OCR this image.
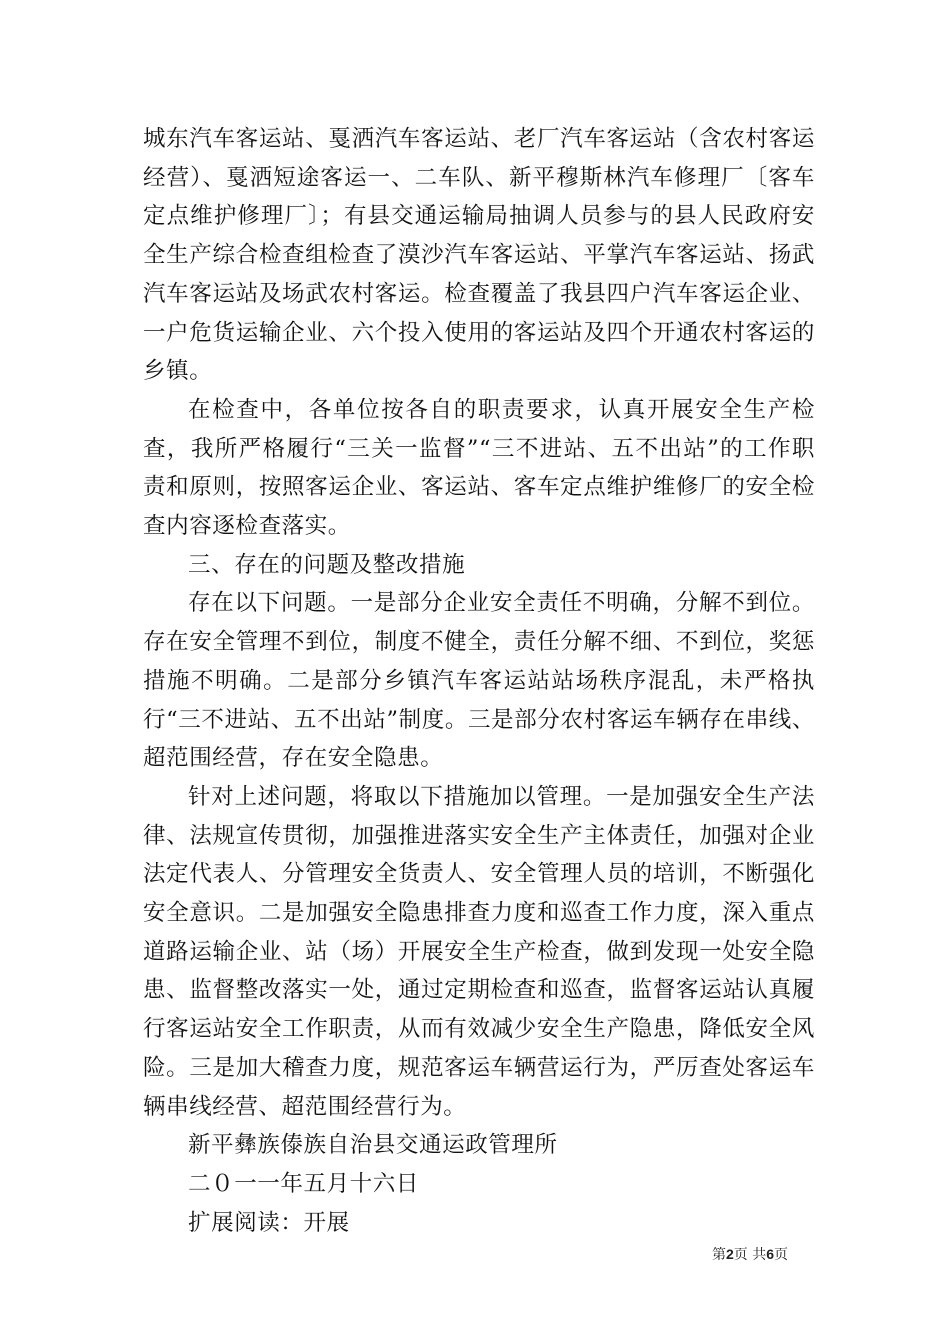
城东汽车客运站、戛洒汽车客运站、老厂汽车客运站（含农村客运经营）、戛洒短途客运一、二车队、新平穆斯林汽车修理厂〔客车定点维护修理厂〕；有县交通运输局抽调人员参与的县人民政府安全生产综合检查组检查了漠沙汽车客运站、平掌汽车客运站、扬武汽车客运站及场武农村客运。检查覆盖了我县四户汽车客运企业、一户危货运输企业、六个投入使用的客运站及四个开通农村客运的乡镇。

在检查中，各单位按各自的职责要求，认真开展安全生产检查，我所严格履行“三关一监督”“三不进站、五不出站”的工作职责和原则，按照客运企业、客运站、客车定点维护维修厂的安全检查内容逐检查落实。

三、存在的问题及整改措施

存在以下问题。一是部分企业安全责任不明确，分解不到位。存在安全管理不到位，制度不健全，责任分解不细、不到位，奖惩措施不明确。二是部分乡镇汽车客运站站场秩序混乱，未严格执行“三不进站、五不出站”制度。三是部分农村客运车辆存在串线、超范围经营，存在安全隐患。

针对上述问题，将取以下措施加以管理。一是加强安全生产法律、法规宣传贯彻，加强推进落实安全生产主体责任，加强对企业法定代表人、分管理安全货责人、安全管理人员的培训，不断强化安全意识。二是加强安全隐患排查力度和巡查工作力度，深入重点道路运输企业、站（场）开展安全生产检查，做到发现一处安全隐患、监督整改落实一处，通过定期检查和巡查，监督客运站认真履行客运站安全工作职责，从而有效减少安全生产隐患，降低安全风险。三是加大稽查力度，规范客运车辆营运行为，严厉查处客运车辆串线经营、超范围经营行为。

新平彝族傣族自治县交通运政管理所

二０一一年五月十六日

扩展阅读：开展

第2页 共6页
